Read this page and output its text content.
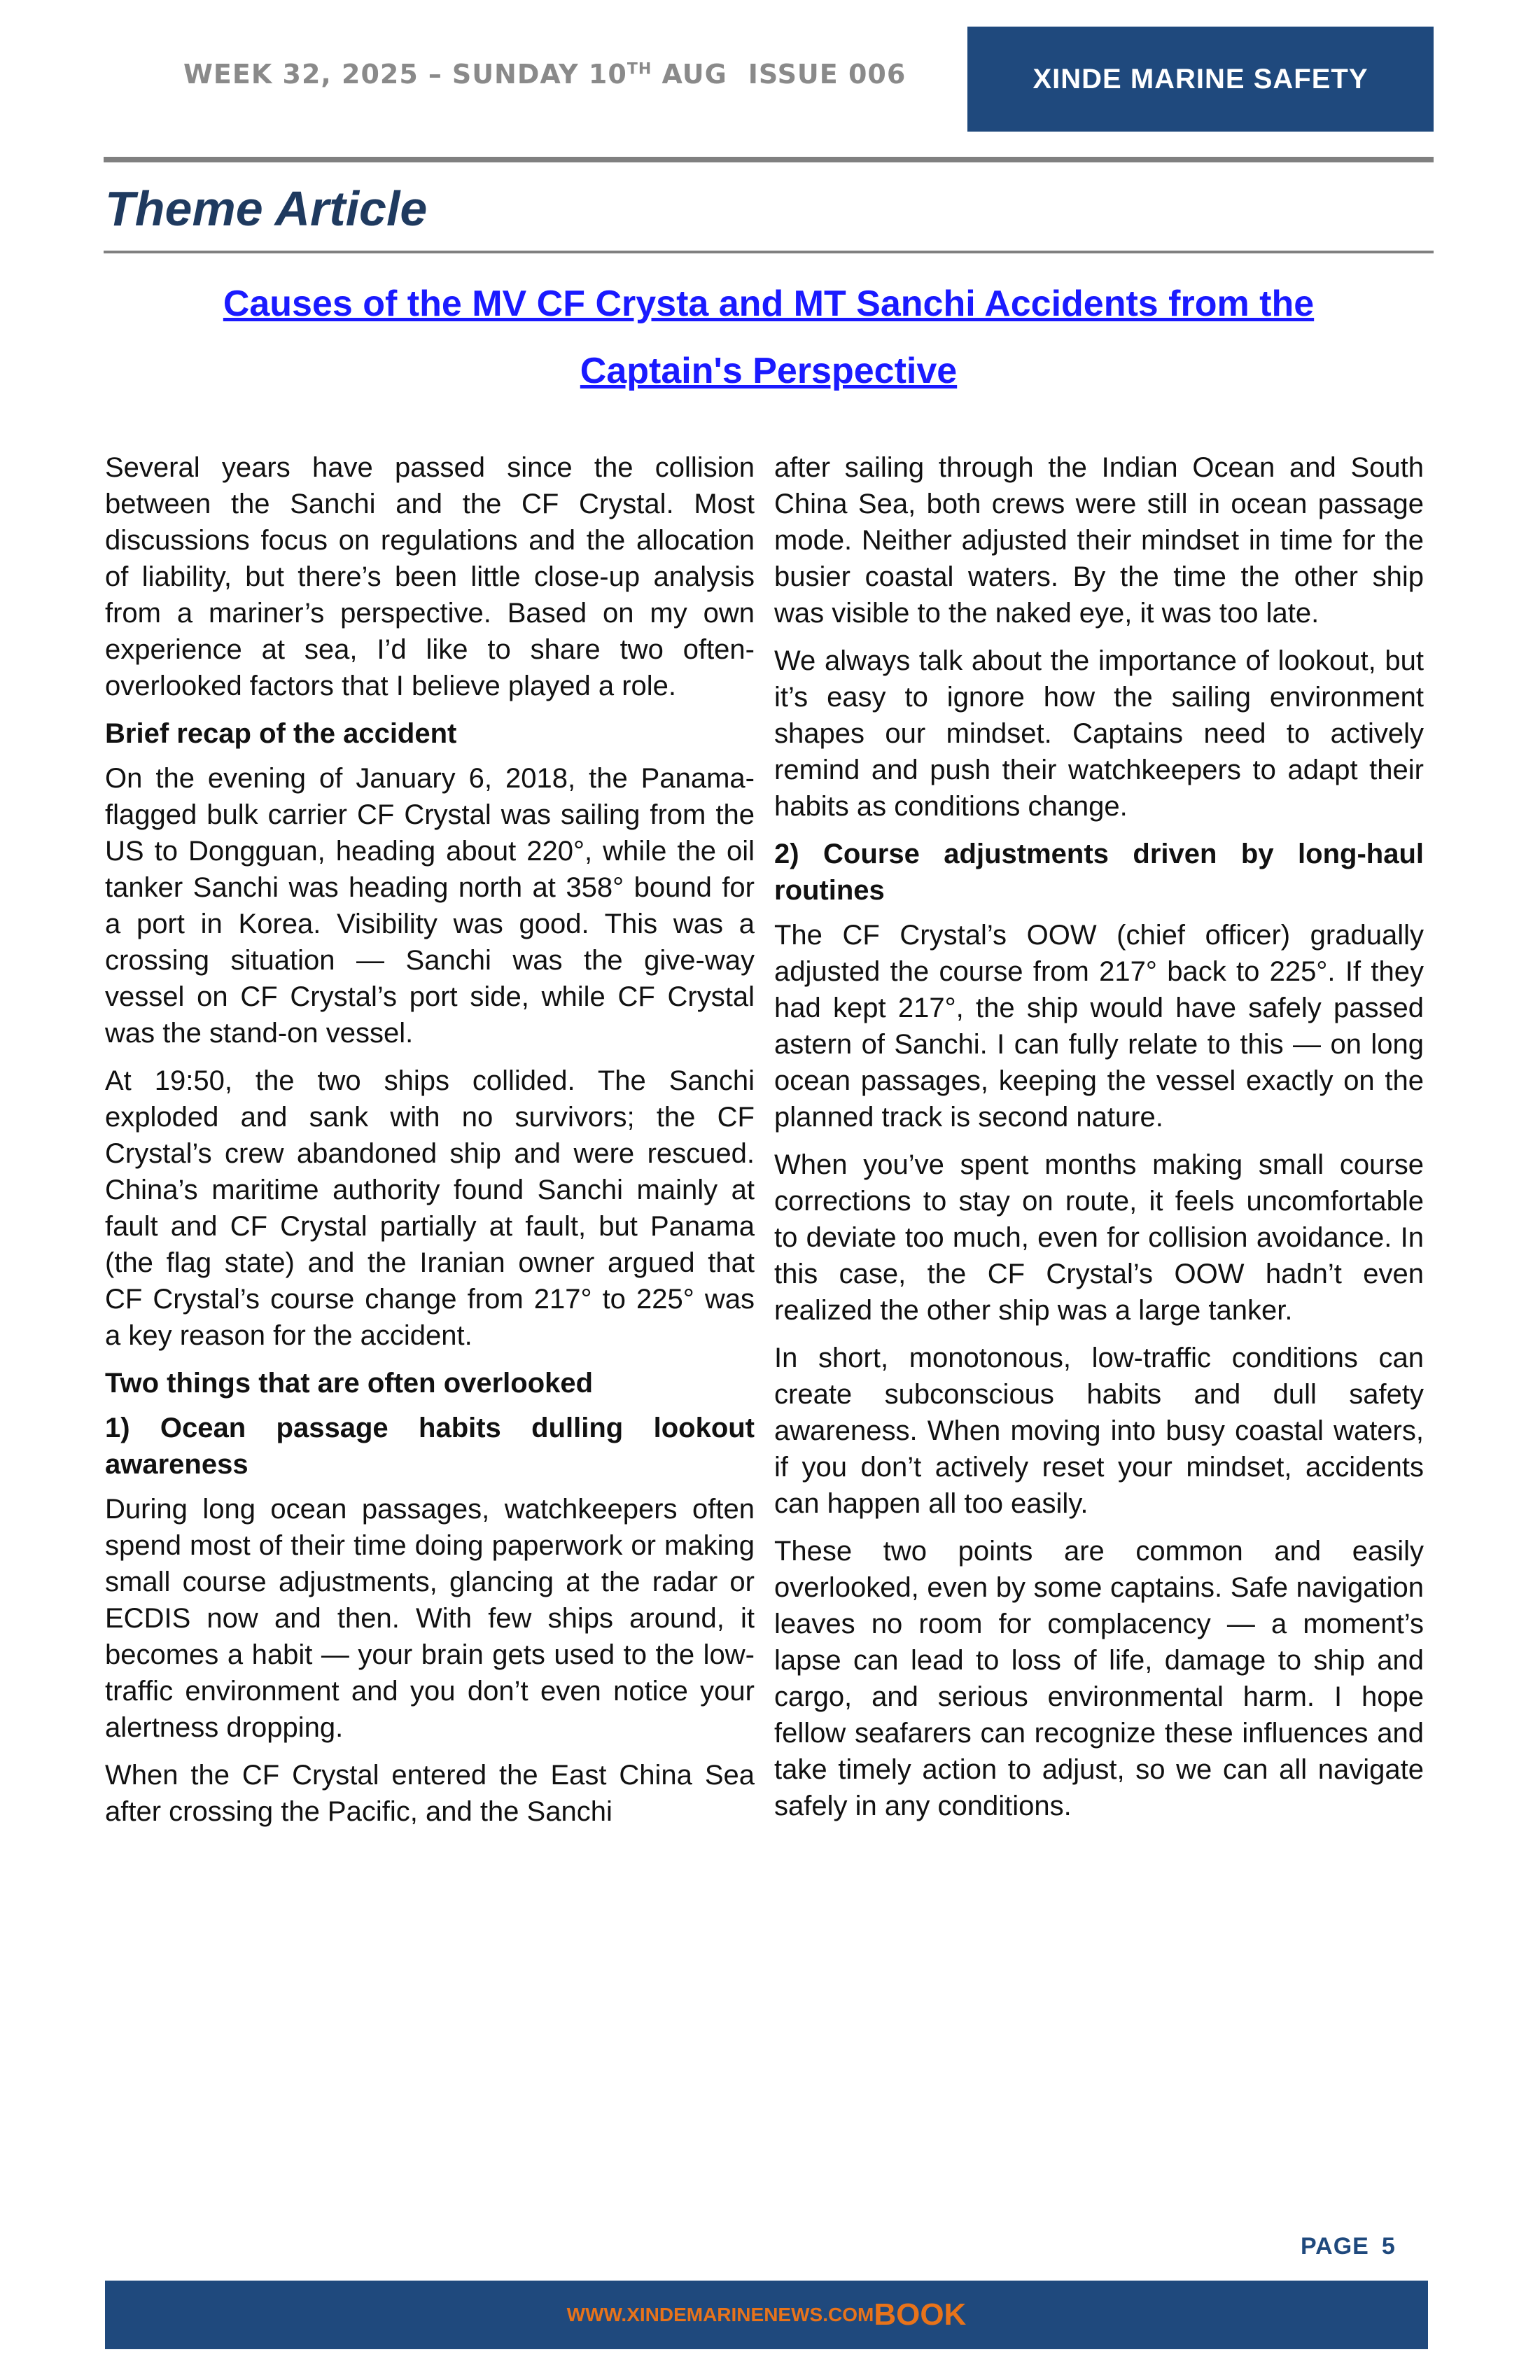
WEEK 32, 2025 – SUNDAY 10TH AUG ISSUE 006	XINDE MARINE SAFETY
Theme Article
Causes of the MV CF Crysta and MT Sanchi Accidents from the
Captain's Perspective

Several years have passed since the collision between the Sanchi and the CF Crystal. Most discussions focus on regulations and the allocation of liability, but there’s been little close-up analysis from a mariner’s perspective. Based on my own experience at sea, I’d like to share two often-overlooked factors that I believe played a role.

Brief recap of the accident

On the evening of January 6, 2018, the Panama-flagged bulk carrier CF Crystal was sailing from the US to Dongguan, heading about 220°, while the oil tanker Sanchi was heading north at 358° bound for a port in Korea. Visibility was good. This was a crossing situation — Sanchi was the give-way vessel on CF Crystal’s port side, while CF Crystal was the stand-on vessel.

At 19:50, the two ships collided. The Sanchi exploded and sank with no survivors; the CF Crystal’s crew abandoned ship and were rescued. China’s maritime authority found Sanchi mainly at fault and CF Crystal partially at fault, but Panama (the flag state) and the Iranian owner argued that CF Crystal’s course change from 217° to 225° was a key reason for the accident.

Two things that are often overlooked

1) Ocean passage habits dulling lookout awareness

During long ocean passages, watchkeepers often spend most of their time doing paperwork or making small course adjustments, glancing at the radar or ECDIS now and then. With few ships around, it becomes a habit — your brain gets used to the low-traffic environment and you don’t even notice your alertness dropping.

When the CF Crystal entered the East China Sea after crossing the Pacific, and the Sanchi

after sailing through the Indian Ocean and South China Sea, both crews were still in ocean passage mode. Neither adjusted their mindset in time for the busier coastal waters. By the time the other ship was visible to the naked eye, it was too late.

We always talk about the importance of lookout, but it’s easy to ignore how the sailing environment shapes our mindset. Captains need to actively remind and push their watchkeepers to adapt their habits as conditions change.

2) Course adjustments driven by long-haul routines

The CF Crystal’s OOW (chief officer) gradually adjusted the course from 217° back to 225°. If they had kept 217°, the ship would have safely passed astern of Sanchi. I can fully relate to this — on long ocean passages, keeping the vessel exactly on the planned track is second nature.

When you’ve spent months making small course corrections to stay on route, it feels uncomfortable to deviate too much, even for collision avoidance. In this case, the CF Crystal’s OOW hadn’t even realized the other ship was a large tanker.

In short, monotonous, low-traffic conditions can create subconscious habits and dull safety awareness. When moving into busy coastal waters, if you don’t actively reset your mindset, accidents can happen all too easily.

These two points are common and easily overlooked, even by some captains. Safe navigation leaves no room for complacency — a moment’s lapse can lead to loss of life, damage to ship and cargo, and serious environmental harm. I hope fellow seafarers can recognize these influences and take timely action to adjust, so we can all navigate safely in any conditions.

PAGE 5
WWW.XINDEMARINENEWS.COM BOOK
